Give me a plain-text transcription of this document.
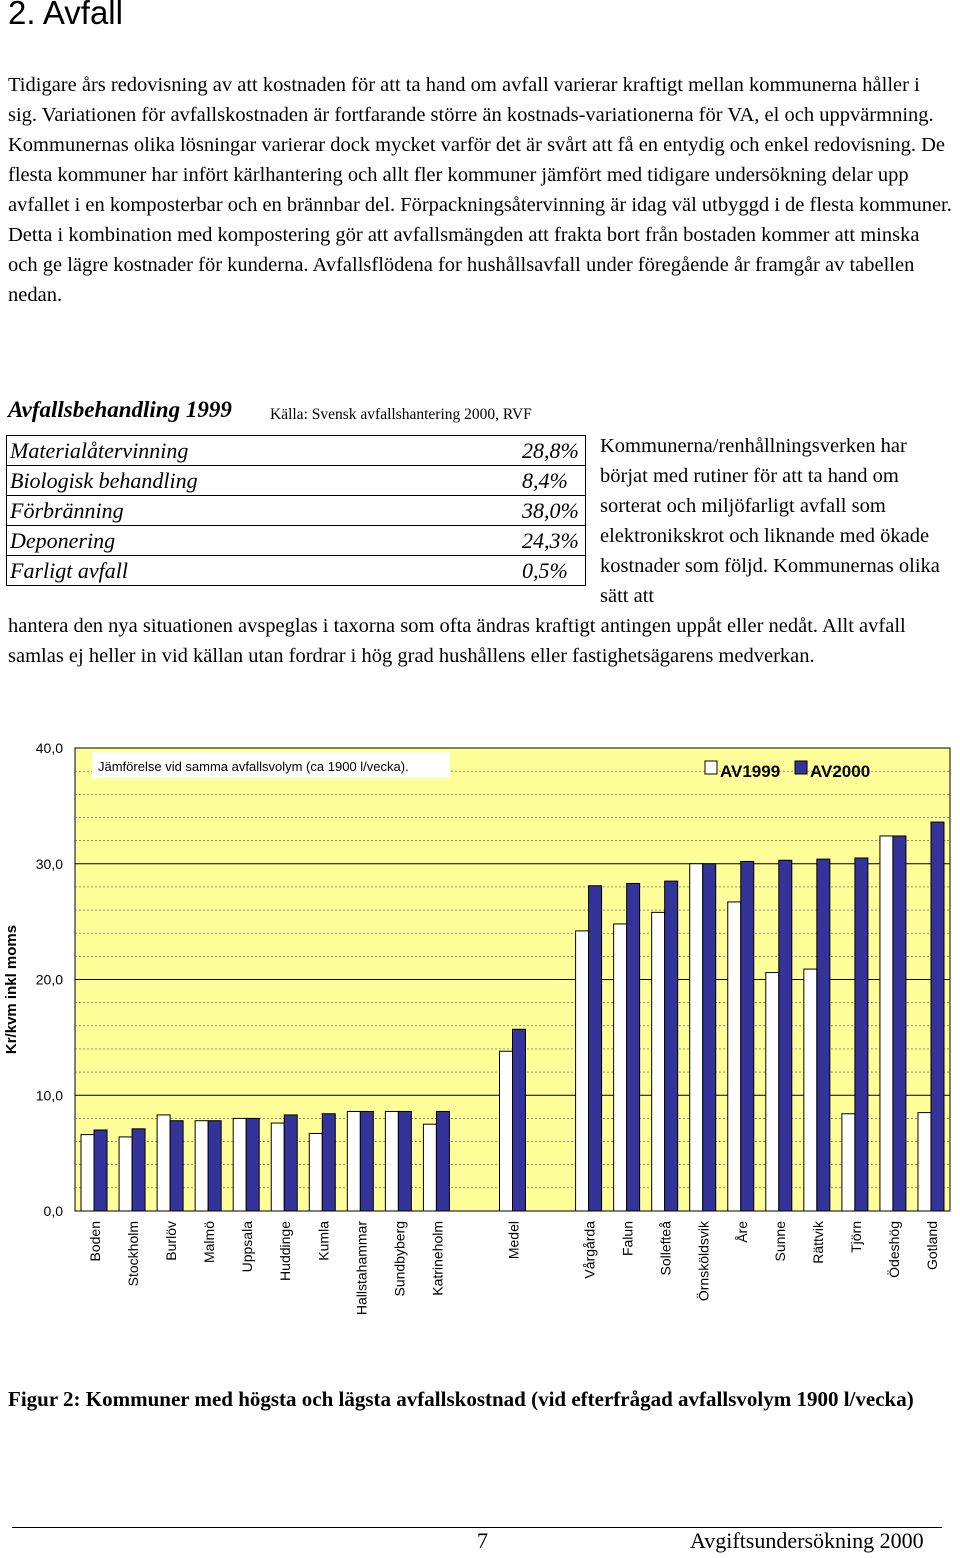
2. Avfall

Tidigare års redovisning av att kostnaden för att ta hand om avfall varierar kraftigt mellan kommunerna håller i sig. Variationen för avfallskostnaden är fortfarande större än kostnads-variationerna för VA, el och uppvärmning. Kommunernas olika lösningar varierar dock mycket varför det är svårt att få en entydig och enkel redovisning. De flesta kommuner har infört kärlhantering och allt fler kommuner jämfört med tidigare undersökning delar upp avfallet i en komposterbar och en brännbar del. Förpackningsåtervinning är idag väl utbyggd i de flesta kommuner. Detta i kombination med kompostering gör att avfallsmängden att frakta bort från bostaden kommer att minska och ge lägre kostnader för kunderna. Avfallsflödena for hushållsavfall under föregående år framgår av tabellen nedan.

Avfallsbehandling 1999 Källa: Svensk avfallshantering 2000, RVF
Materialåtervinning	28,8%
Biologisk behandling	8,4%
Förbränning	38,0%
Deponering	24,3%
Farligt avfall	0,5%

Kommunerna/renhållningsverken har börjat med rutiner för att ta hand om sorterat och miljöfarligt avfall som elektronikskrot och liknande med ökade kostnader som följd. Kommunernas olika sätt att

hantera den nya situationen avspeglas i taxorna som ofta ändras kraftigt antingen uppåt eller nedåt. Allt avfall samlas ej heller in vid källan utan fordrar i hög grad hushållens eller fastighetsägarens medverkan.

0,0
10,0
20,0
30,0
40,0
Kr/kvm inkl moms
Boden Stockholm Burlöv Malmö Uppsala Huddinge Kumla Hallstahammar Sundbyberg Katrineholm	Medel	Vårgårda Falun Sollefteå Örnsköldsvik Åre Sunne Rättvik Tjörn Ödeshög Gotland
Jämförelse vid samma avfallsvolym (ca 1900 l/vecka).	AV1999 AV2000

Figur 2: Kommuner med högsta och lägsta avfallskostnad (vid efterfrågad avfallsvolym 1900 l/vecka)

7	Avgiftsundersökning 2000
